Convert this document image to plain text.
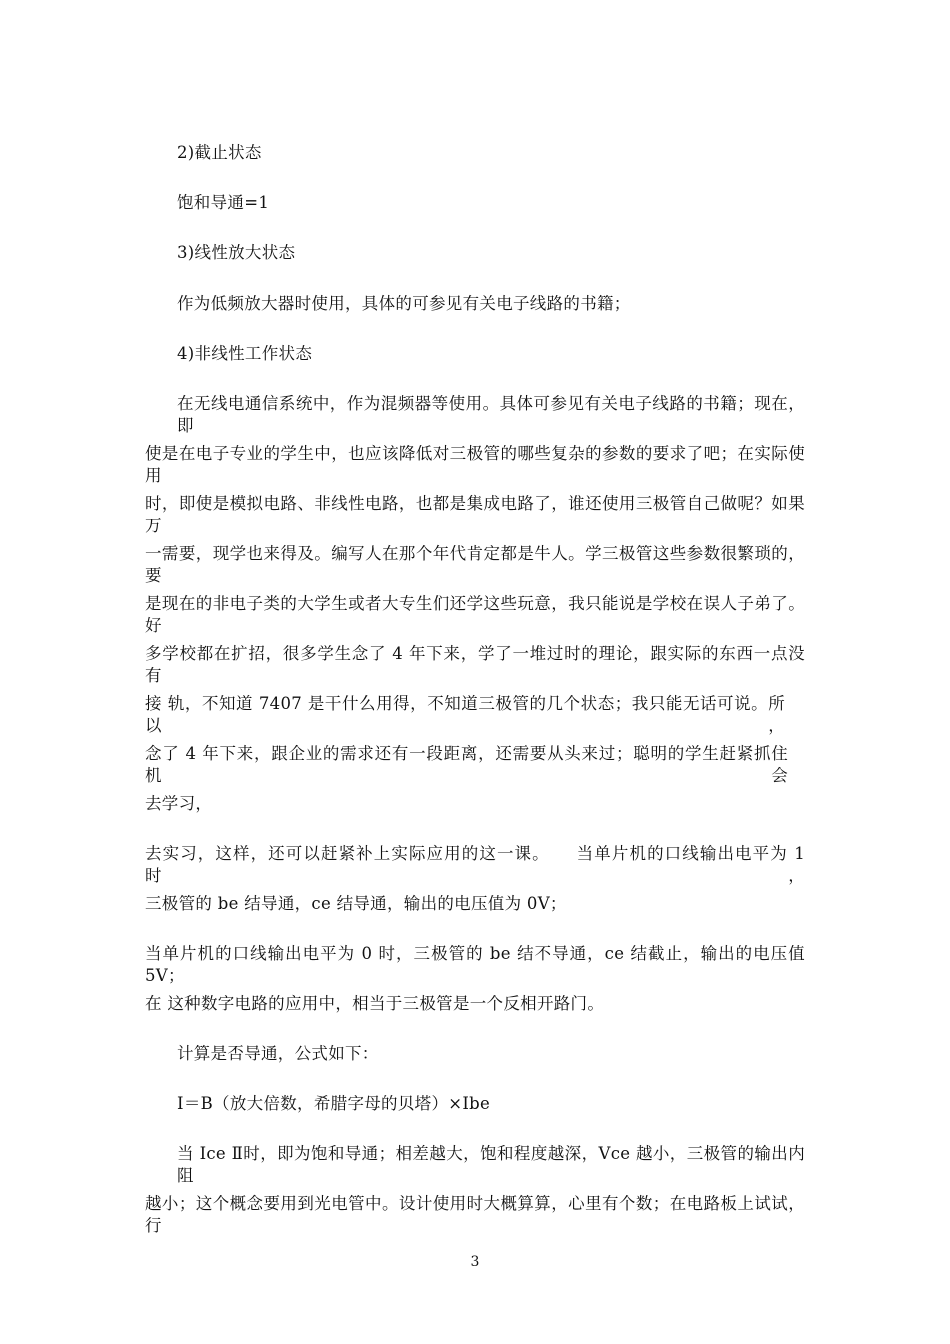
2)截止状态
饱和导通=1
3)线性放大状态
作为低频放大器时使用，具体的可参见有关电子线路的书籍；
4)非线性工作状态
在无线电通信系统中，作为混频器等使用。具体可参见有关电子线路的书籍；现在，即
使是在电子专业的学生中，也应该降低对三极管的哪些复杂的参数的要求了吧；在实际使用
时，即使是模拟电路、非线性电路，也都是集成电路了，谁还使用三极管自己做呢？如果万
一需要，现学也来得及。编写人在那个年代肯定都是牛人。学三极管这些参数很繁琐的，要
是现在的非电子类的大学生或者大专生们还学这些玩意，我只能说是学校在误人子弟了。好
多学校都在扩招，很多学生念了 4 年下来，学了一堆过时的理论，跟实际的东西一点没有
接 轨，不知道 7407 是干什么用得，不知道三极管的几个状态；我只能无话可说。所以，
念了 4 年下来，跟企业的需求还有一段距离，还需要从头来过；聪明的学生赶紧抓住机会
去学习，
去实习，这样，还可以赶紧补上实际应用的这一课。　　当单片机的口线输出电平为 1 时，
三极管的 be 结导通，ce 结导通，输出的电压值为 0V；
当单片机的口线输出电平为 0 时，三极管的 be 结不导通，ce 结截止，输出的电压值 5V；
在 这种数字电路的应用中，相当于三极管是一个反相开路门。
计算是否导通，公式如下：
I＝B（放大倍数，希腊字母的贝塔）×Ibe
当 Ice Ⅱ时，即为饱和导通；相差越大，饱和程度越深，Vce 越小，三极管的输出内阻
越小；这个概念要用到光电管中。设计使用时大概算算，心里有个数；在电路板上试试，行
3
